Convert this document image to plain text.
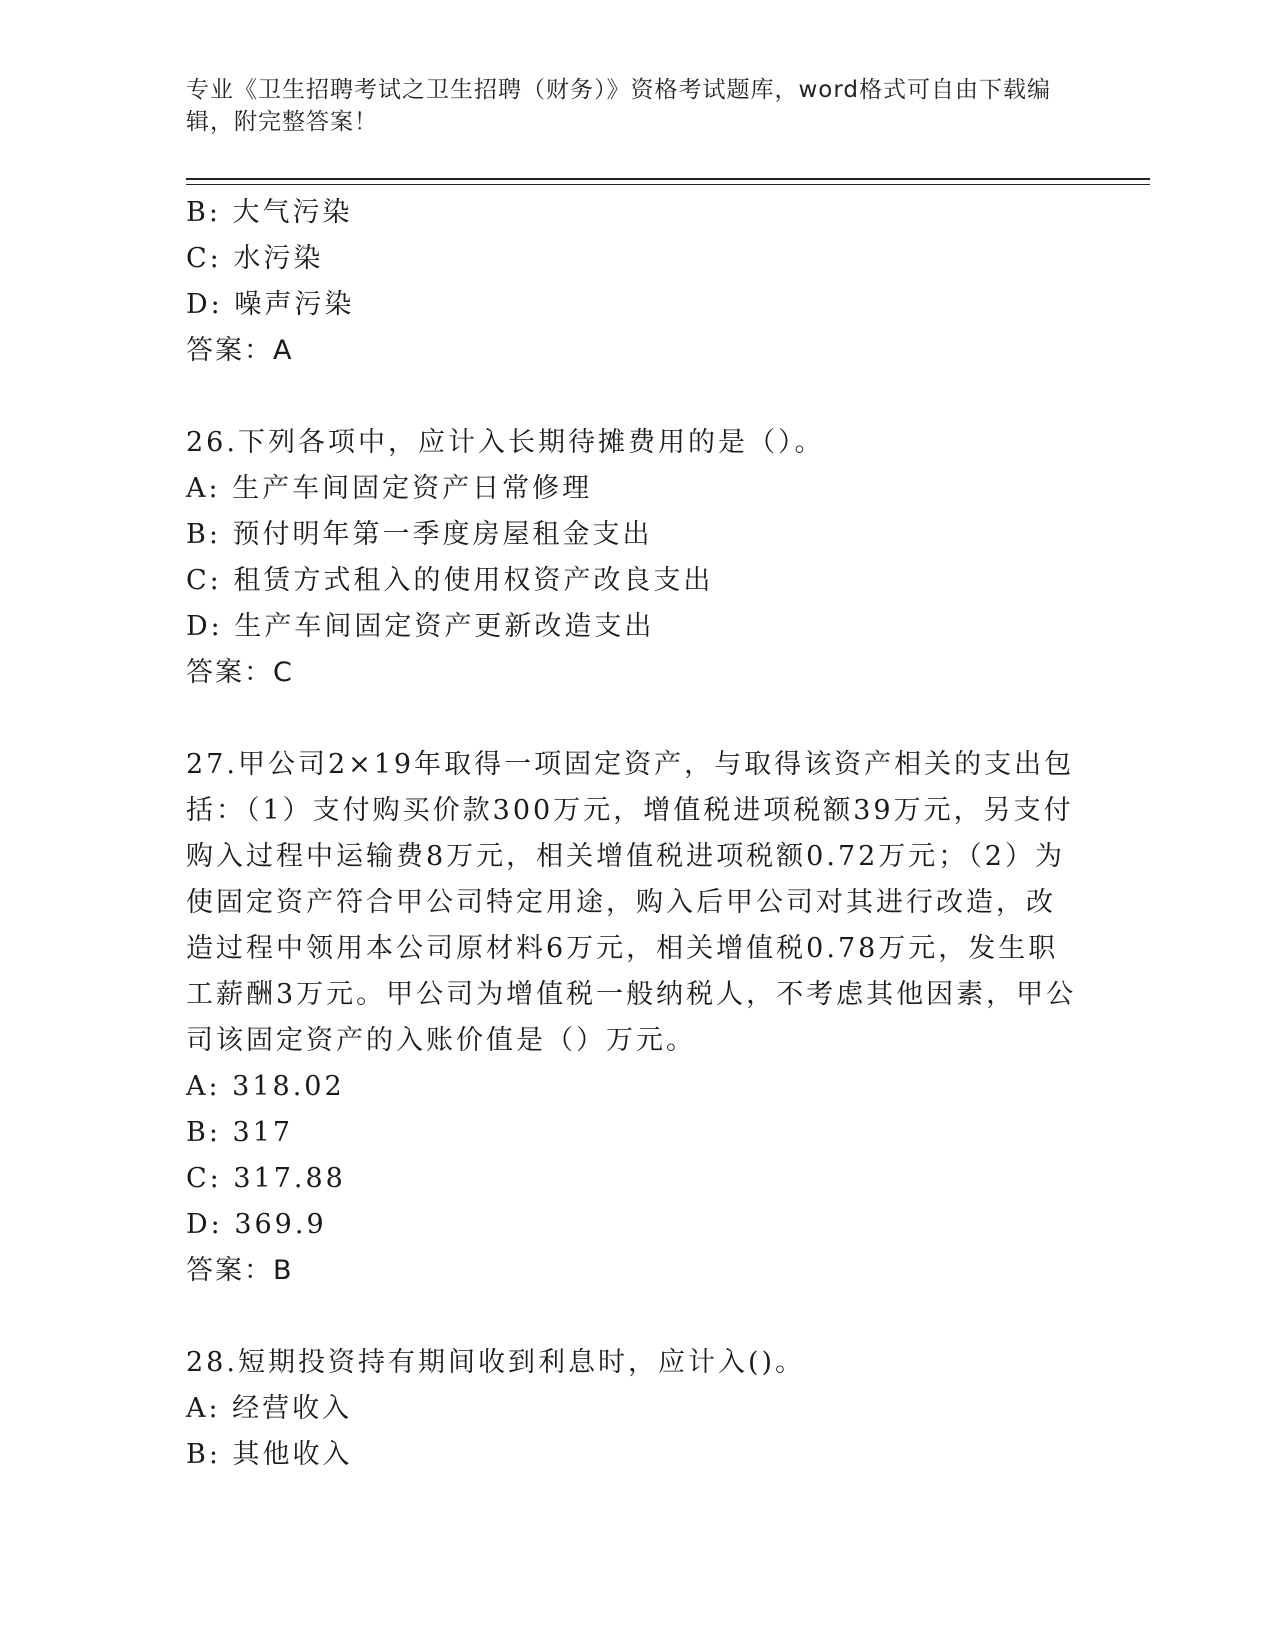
专业《卫生招聘考试之卫生招聘（财务）》资格考试题库，word格式可自由下载编辑，附完整答案！
B: 大气污染
C: 水污染
D: 噪声污染
答案：A
26.下列各项中，应计入长期待摊费用的是（）。
A: 生产车间固定资产日常修理
B: 预付明年第一季度房屋租金支出
C: 租赁方式租入的使用权资产改良支出
D: 生产车间固定资产更新改造支出
答案：C
27.甲公司2×19年取得一项固定资产，与取得该资产相关的支出包括：（1）支付购买价款300万元，增值税进项税额39万元，另支付购入过程中运输费8万元，相关增值税进项税额0.72万元；（2）为使固定资产符合甲公司特定用途，购入后甲公司对其进行改造，改造过程中领用本公司原材料6万元，相关增值税0.78万元，发生职工薪酬3万元。甲公司为增值税一般纳税人，不考虑其他因素，甲公司该固定资产的入账价值是（）万元。
A: 318.02
B: 317
C: 317.88
D: 369.9
答案：B
28.短期投资持有期间收到利息时，应计入()。
A: 经营收入
B: 其他收入
